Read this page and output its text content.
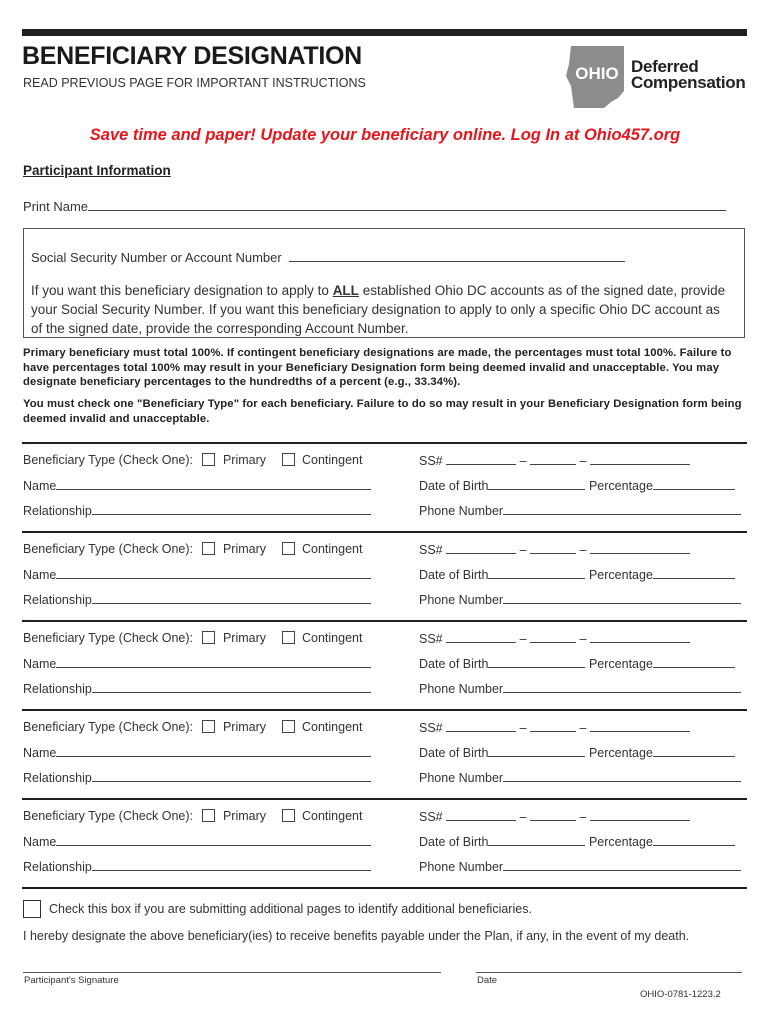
BENEFICIARY DESIGNATION
READ PREVIOUS PAGE FOR IMPORTANT INSTRUCTIONS	OHIO Deferred
Compensation
Save time and paper! Update your beneficiary online. Log In at Ohio457.org
Participant Information
Print Name
Social Security Number or Account Number
If you want this beneficiary designation to apply to ALL established Ohio DC accounts as of the signed date, provide your Social Security Number. If you want this beneficiary designation to apply to only a specific Ohio DC account as of the signed date, provide the corresponding Account Number.
Primary beneficiary must total 100%. If contingent beneficiary designations are made, the percentages must total 100%. Failure to have percentages total 100% may result in your Beneficiary Designation form being deemed invalid and unacceptable. You may designate beneficiary percentages to the hundredths of a percent (e.g., 33.34%).
You must check one "Beneficiary Type" for each beneficiary. Failure to do so may result in your Beneficiary Designation form being deemed invalid and unacceptable.
Beneficiary Type (Check One): Primary	Contingent	SS#	–	–
Name	Date of Birth	Percentage
Relationship	Phone Number
Beneficiary Type (Check One): Primary	Contingent	SS#	–	–
Name	Date of Birth	Percentage
Relationship	Phone Number
Beneficiary Type (Check One): Primary	Contingent	SS#	–	–
Name	Date of Birth	Percentage
Relationship	Phone Number
Beneficiary Type (Check One): Primary	Contingent	SS#	–	–
Name	Date of Birth	Percentage
Relationship	Phone Number
Beneficiary Type (Check One): Primary	Contingent	SS#	–	–
Name	Date of Birth	Percentage
Relationship	Phone Number
Check this box if you are submitting additional pages to identify additional beneficiaries.
I hereby designate the above beneficiary(ies) to receive benefits payable under the Plan, if any, in the event of my death.
Participant's Signature	Date
OHIO-0781-1223.2
